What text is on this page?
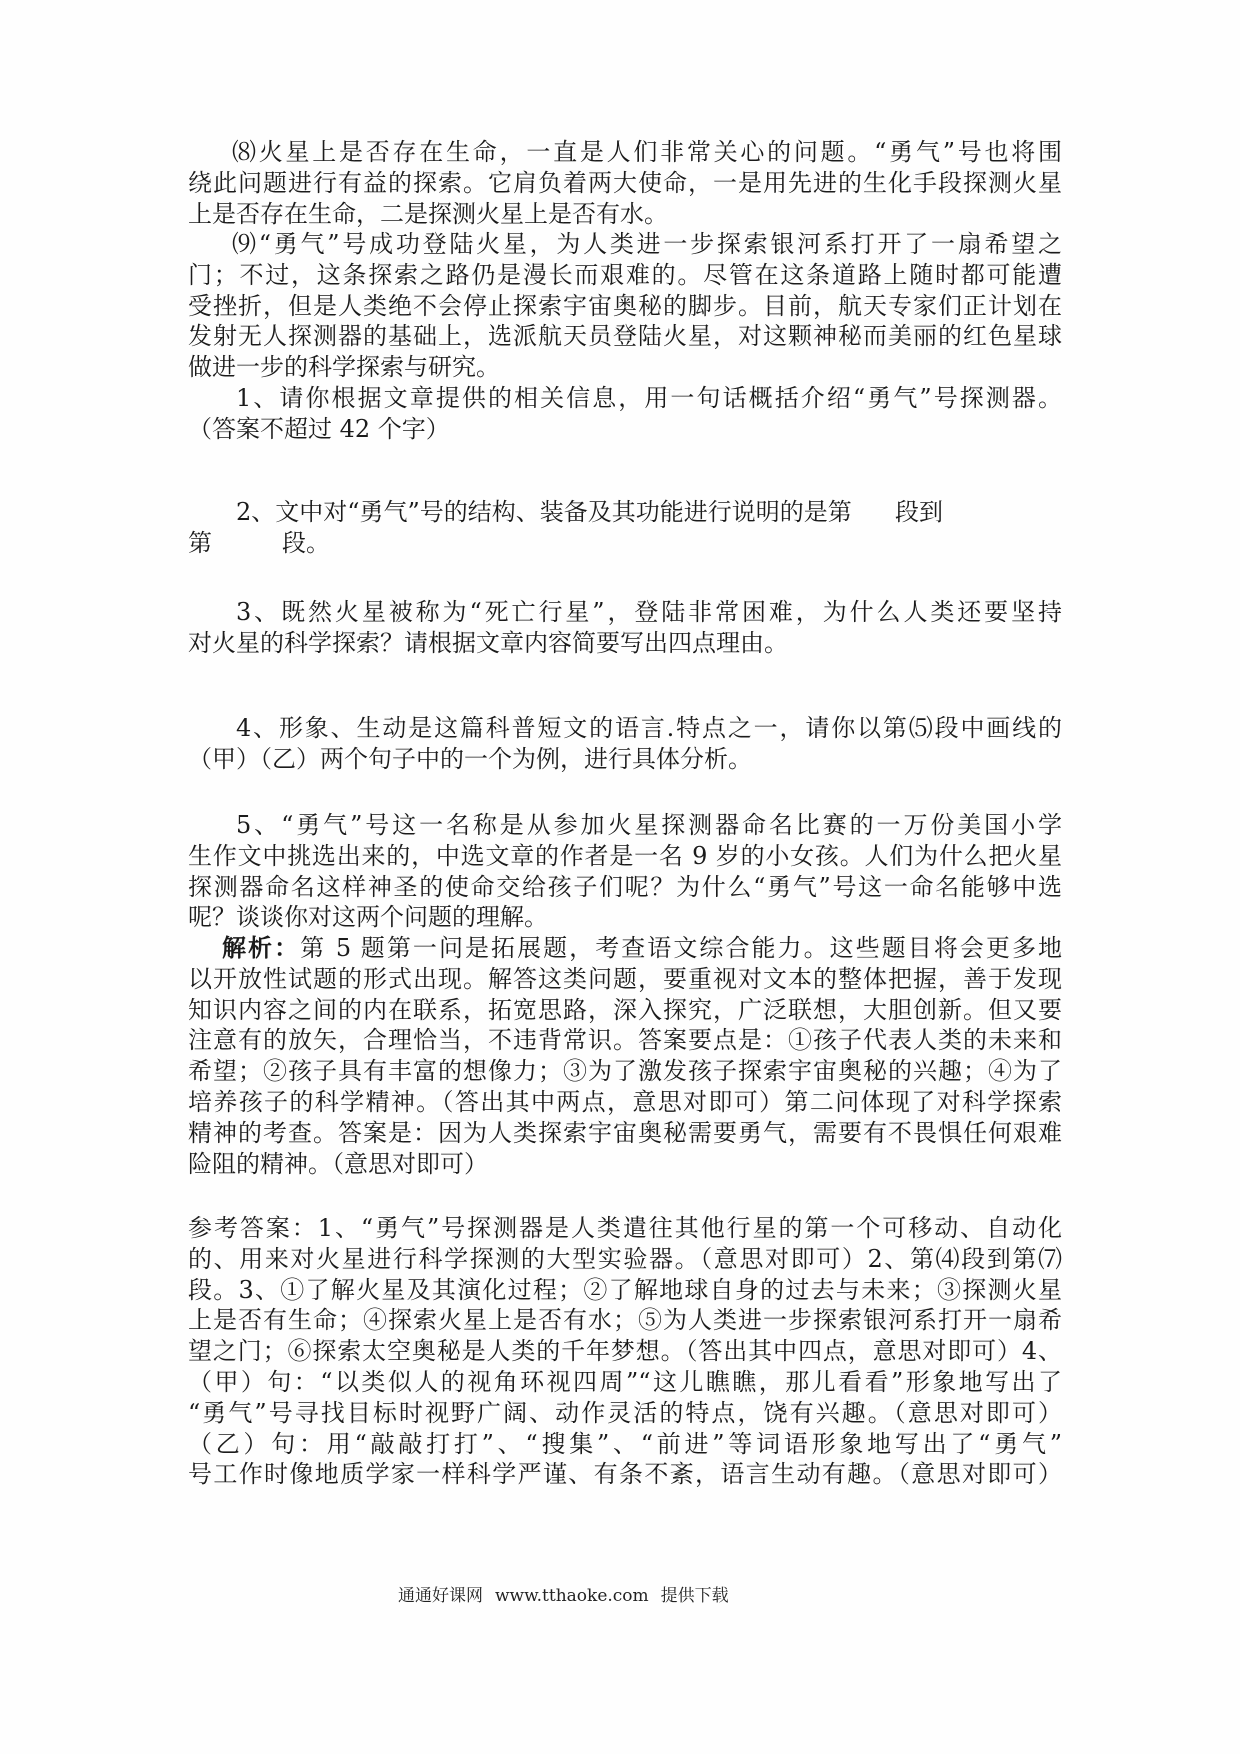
⑻火星上是否存在生命，一直是人们非常关心的问题。“勇气”号也将围
绕此问题进行有益的探索。它肩负着两大使命，一是用先进的生化手段探测火星
上是否存在生命，二是探测火星上是否有水。
⑼“勇气”号成功登陆火星，为人类进一步探索银河系打开了一扇希望之
门；不过，这条探索之路仍是漫长而艰难的。尽管在这条道路上随时都可能遭
受挫折，但是人类绝不会停止探索宇宙奥秘的脚步。目前，航天专家们正计划在
发射无人探测器的基础上，选派航天员登陆火星，对这颗神秘而美丽的红色星球
做进一步的科学探索与研究。
1、请你根据文章提供的相关信息，用一句话概括介绍“勇气”号探测器。
（答案不超过 42 个字）
2、文中对“勇气”号的结构、装备及其功能进行说明的是第 段到
第	段。
3、既然火星被称为“死亡行星”，登陆非常困难，为什么人类还要坚持
对火星的科学探索？请根据文章内容简要写出四点理由。
4、形象、生动是这篇科普短文的语言.特点之一，请你以第⑸段中画线的
（甲）（乙）两个句子中的一个为例，进行具体分析。
5、“勇气”号这一名称是从参加火星探测器命名比赛的一万份美国小学
生作文中挑选出来的，中选文章的作者是一名 9 岁的小女孩。人们为什么把火星
探测器命名这样神圣的使命交给孩子们呢？为什么“勇气”号这一命名能够中选
呢？谈谈你对这两个问题的理解。
解析：第 5 题第一问是拓展题，考查语文综合能力。这些题目将会更多地
以开放性试题的形式出现。解答这类问题，要重视对文本的整体把握，善于发现
知识内容之间的内在联系，拓宽思路，深入探究，广泛联想，大胆创新。但又要
注意有的放矢，合理恰当，不违背常识。答案要点是：①孩子代表人类的未来和
希望；②孩子具有丰富的想像力；③为了激发孩子探索宇宙奥秘的兴趣；④为了
培养孩子的科学精神。（答出其中两点，意思对即可）第二问体现了对科学探索
精神的考查。答案是：因为人类探索宇宙奥秘需要勇气，需要有不畏惧任何艰难
险阻的精神。（意思对即可）
参考答案：1、“勇气”号探测器是人类遣往其他行星的第一个可移动、自动化
的、用来对火星进行科学探测的大型实验器。（意思对即可）2、第⑷段到第⑺
段。3、①了解火星及其演化过程；②了解地球自身的过去与未来；③探测火星
上是否有生命；④探索火星上是否有水；⑤为人类进一步探索银河系打开一扇希
望之门；⑥探索太空奥秘是人类的千年梦想。（答出其中四点，意思对即可）4、
（甲）句：“以类似人的视角环视四周”“这儿瞧瞧，那儿看看”形象地写出了
“勇气”号寻找目标时视野广阔、动作灵活的特点，饶有兴趣。（意思对即可）
（乙）句：用“敲敲打打”、“搜集”、“前进”等词语形象地写出了“勇气”
号工作时像地质学家一样科学严谨、有条不紊，语言生动有趣。（意思对即可）
通通好课网 www.tthaoke.com 提供下载
